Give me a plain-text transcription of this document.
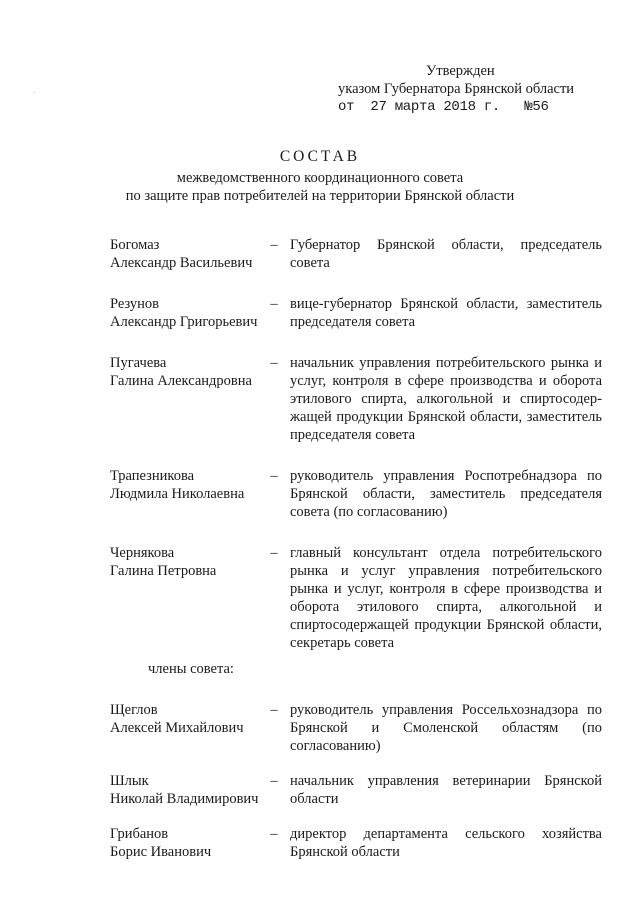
Утвержден
указом Губернатора Брянской области
от  27 марта 2018 г.   №56
СОСТАВ
межведомственного координационного совета
по защите прав потребителей на территории Брянской области
Богомаз
Александр Васильевич
– Губернатор Брянской области, председатель совета
Резунов
Александр Григорьевич
– вице-губернатор Брянской области, заместитель председателя совета
Пугачева
Галина Александровна
– начальник управления потребительского рынка и услуг, контроля в сфере производства и оборота этилового спирта, алкогольной и спиртосодержащей продукции Брянской области, заместитель председателя совета
Трапезникова
Людмила Николаевна
– руководитель управления Роспотребнадзора по Брянской области, заместитель председателя совета (по согласованию)
Чернякова
Галина Петровна
– главный консультант отдела потребительского рынка и услуг управления потребительского рынка и услуг, контроля в сфере производства и оборота этилового спирта, алкогольной и спиртосодержащей продукции Брянской области, секретарь совета
члены совета:
Щеглов
Алексей Михайлович
– руководитель управления Россельхознадзора по Брянской и Смоленской областям (по согласованию)
Шлык
Николай Владимирович
– начальник управления ветеринарии Брянской области
Грибанов
Борис Иванович
– директор департамента сельского хозяйства Брянской области
